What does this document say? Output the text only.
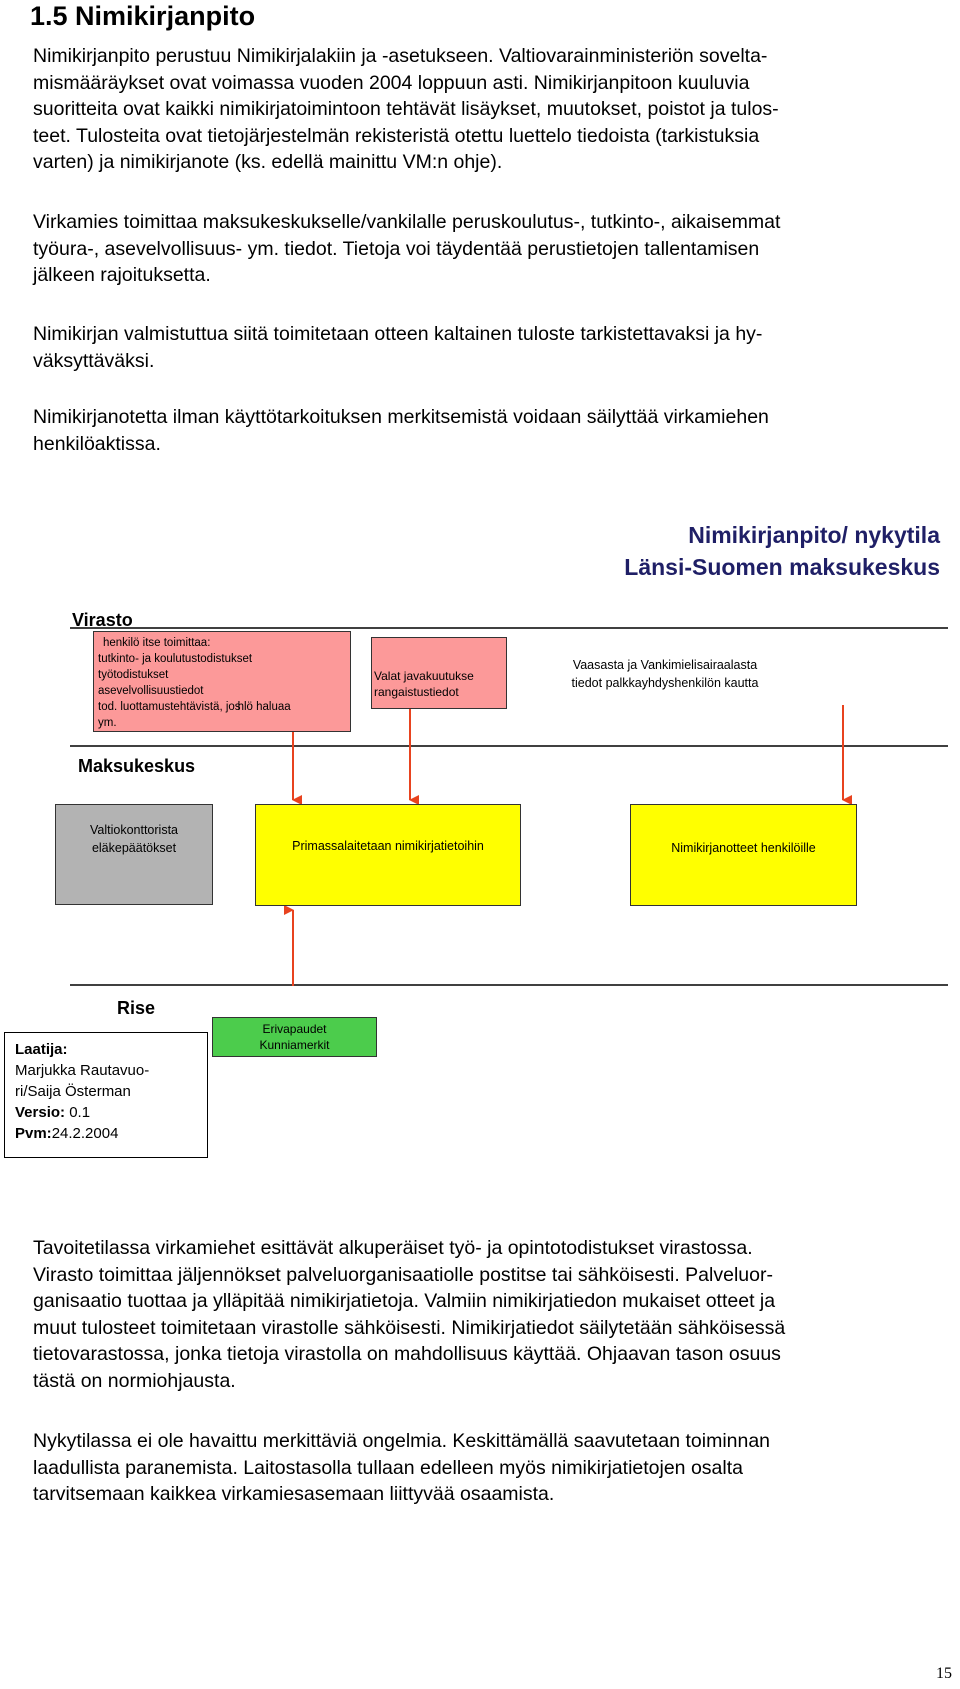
1.5 Nimikirjanpito

Nimikirjanpito perustuu Nimikirjalakiin ja -asetukseen. Valtiovarainministeriön sovelta-
mismääräykset ovat voimassa vuoden 2004 loppuun asti. Nimikirjanpitoon kuuluvia
suoritteita ovat kaikki nimikirjatoimintoon tehtävät lisäykset, muutokset, poistot ja tulos-
teet. Tulosteita ovat tietojärjestelmän rekisteristä otettu luettelo tiedoista (tarkistuksia
varten) ja nimikirjanote (ks. edellä mainittu VM:n ohje).

Virkamies toimittaa maksukeskukselle/vankilalle peruskoulutus-, tutkinto-, aikaisemmat
työura-, asevelvollisuus- ym. tiedot. Tietoja voi täydentää perustietojen tallentamisen
jälkeen rajoituksetta.

Nimikirjan valmistuttua siitä toimitetaan otteen kaltainen tuloste tarkistettavaksi ja hy-
väksyttäväksi.

Nimikirjanotetta ilman käyttötarkoituksen merkitsemistä voidaan säilyttää virkamiehen
henkilöaktissa.

Nimikirjanpito/ nykytila
Länsi-Suomen maksukeskus
Virasto
henkilö itse toimittaa:
tutkinto- ja koulutustodistukset
työtodistukset
asevelvollisuustiedot
tod. luottamustehtävistä, joshlö haluaa
ym.
Valat javakuutukse
rangaistustiedot
Vaasasta ja Vankimielisairaalasta
tiedot palkkayhdyshenkilön kautta
Maksukeskus
Valtiokonttorista
eläkepäätökset	Primassalaitetaan nimikirjatietoihin	Nimikirjanotteet henkilöille
Rise
Erivapaudet
Kunniamerkit
Laatija:
Marjukka Rautavuo-
ri/Saija Österman
Versio: 0.1
Pvm:24.2.2004

Tavoitetilassa virkamiehet esittävät alkuperäiset työ- ja opintotodistukset virastossa.
Virasto toimittaa jäljennökset palveluorganisaatiolle postitse tai sähköisesti. Palveluor-
ganisaatio tuottaa ja ylläpitää nimikirjatietoja. Valmiin nimikirjatiedon mukaiset otteet ja
muut tulosteet toimitetaan virastolle sähköisesti. Nimikirjatiedot säilytetään sähköisessä
tietovarastossa, jonka tietoja virastolla on mahdollisuus käyttää. Ohjaavan tason osuus
tästä on normiohjausta.

Nykytilassa ei ole havaittu merkittäviä ongelmia. Keskittämällä saavutetaan toiminnan
laadullista paranemista. Laitostasolla tullaan edelleen myös nimikirjatietojen osalta
tarvitsemaan kaikkea virkamiesasemaan liittyvää osaamista.

15
